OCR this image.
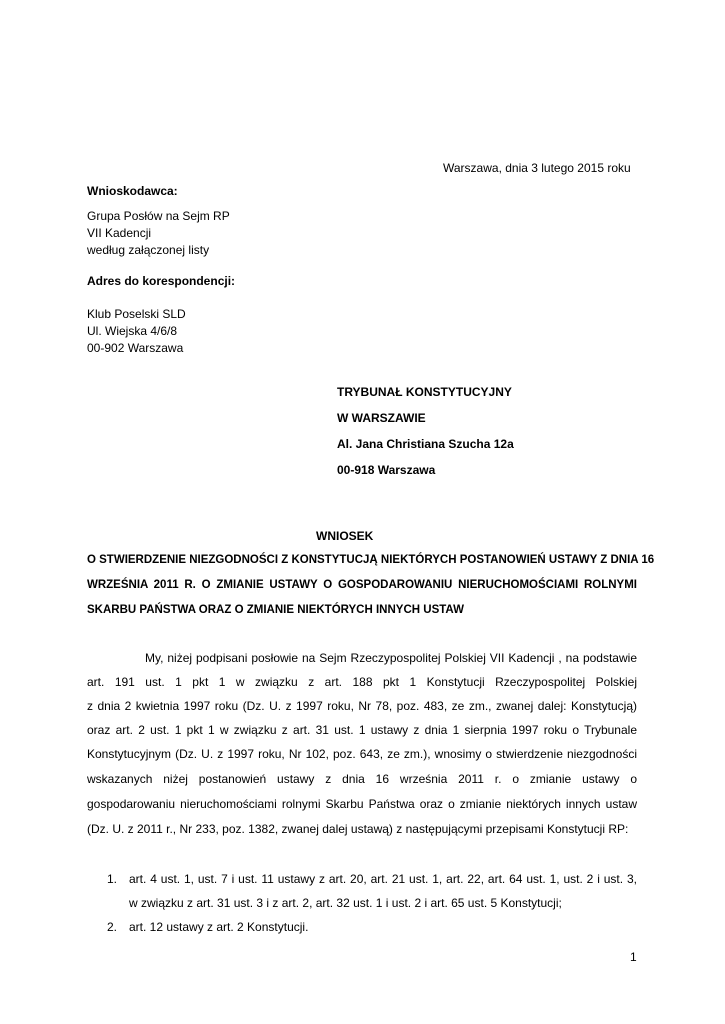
Warszawa, dnia 3 lutego 2015 roku
Wnioskodawca:
Grupa Posłów na Sejm RP
VII Kadencji
według załączonej listy
Adres do korespondencji:
Klub Poselski SLD
Ul. Wiejska 4/6/8
00-902 Warszawa
TRYBUNAŁ KONSTYTUCYJNY
W WARSZAWIE
Al. Jana Christiana Szucha 12a
00-918 Warszawa
WNIOSEK
O STWIERDZENIE NIEZGODNOŚCI Z KONSTYTUCJĄ NIEKTÓRYCH POSTANOWIEŃ USTAWY Z DNIA 16
WRZEŚNIA 2011 R. O ZMIANIE USTAWY O GOSPODAROWANIU NIERUCHOMOŚCIAMI ROLNYMI
SKARBU PAŃSTWA ORAZ O ZMIANIE NIEKTÓRYCH INNYCH USTAW
My, niżej podpisani posłowie na Sejm Rzeczypospolitej Polskiej VII Kadencji , na podstawie
art. 191 ust. 1 pkt 1 w związku z art. 188 pkt 1 Konstytucji Rzeczypospolitej Polskiej
z dnia 2 kwietnia 1997 roku (Dz. U. z 1997 roku, Nr 78, poz. 483, ze zm., zwanej dalej: Konstytucją)
oraz art. 2 ust. 1 pkt 1 w związku z art. 31 ust. 1 ustawy z dnia 1 sierpnia 1997 roku o Trybunale
Konstytucyjnym (Dz. U. z 1997 roku, Nr 102, poz. 643, ze zm.), wnosimy o stwierdzenie niezgodności
wskazanych niżej postanowień ustawy z dnia 16 września 2011 r. o zmianie ustawy o
gospodarowaniu nieruchomościami rolnymi Skarbu Państwa oraz o zmianie niektórych innych ustaw
(Dz. U. z 2011 r., Nr 233, poz. 1382, zwanej dalej ustawą) z następującymi przepisami Konstytucji RP:
1. art. 4 ust. 1, ust. 7 i ust. 11 ustawy z art. 20, art. 21 ust. 1, art. 22, art. 64 ust. 1, ust. 2 i ust. 3,
w związku z art. 31 ust. 3 i z art. 2, art. 32 ust. 1 i ust. 2 i art. 65 ust. 5 Konstytucji;
2. art. 12 ustawy z art. 2 Konstytucji.
1
